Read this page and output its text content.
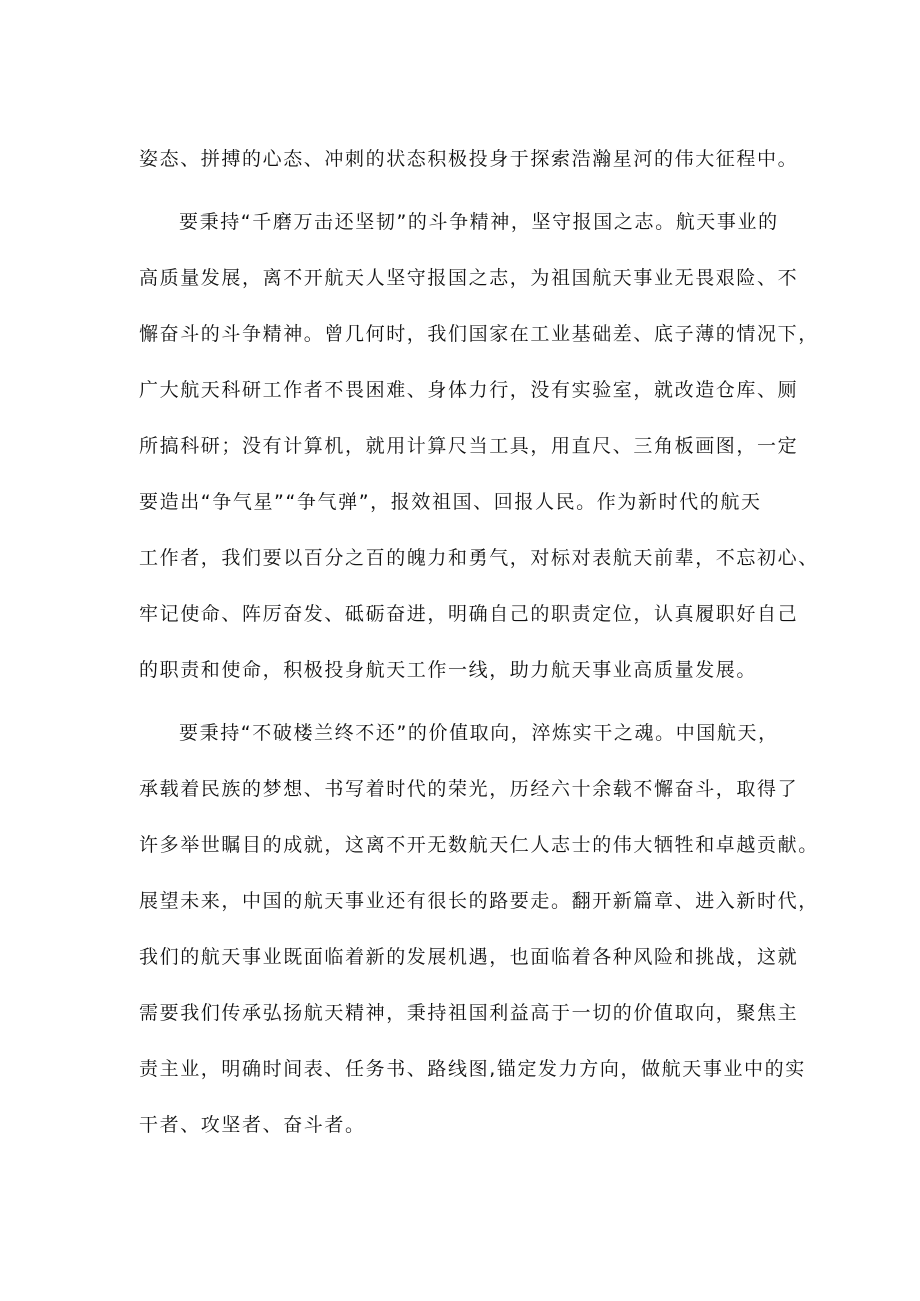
姿态、拼搏的心态、冲刺的状态积极投身于探索浩瀚星河的伟大征程中。
要秉持“千磨万击还坚韧”的斗争精神，坚守报国之志。航天事业的
高质量发展，离不开航天人坚守报国之志，为祖国航天事业无畏艰险、不
懈奋斗的斗争精神。曾几何时，我们国家在工业基础差、底子薄的情况下，
广大航天科研工作者不畏困难、身体力行，没有实验室，就改造仓库、厕
所搞科研；没有计算机，就用计算尺当工具，用直尺、三角板画图，一定
要造出“争气星”“争气弹”，报效祖国、回报人民。作为新时代的航天
工作者，我们要以百分之百的魄力和勇气，对标对表航天前辈，不忘初心、
牢记使命、阵厉奋发、砥砺奋进，明确自己的职责定位，认真履职好自己
的职责和使命，积极投身航天工作一线，助力航天事业高质量发展。
要秉持“不破楼兰终不还”的价值取向，淬炼实干之魂。中国航天，
承载着民族的梦想、书写着时代的荣光，历经六十余载不懈奋斗，取得了
许多举世瞩目的成就，这离不开无数航天仁人志士的伟大牺牲和卓越贡献。
展望未来，中国的航天事业还有很长的路要走。翻开新篇章、进入新时代，
我们的航天事业既面临着新的发展机遇，也面临着各种风险和挑战，这就
需要我们传承弘扬航天精神，秉持祖国利益高于一切的价值取向，聚焦主
责主业，明确时间表、任务书、路线图,锚定发力方向，做航天事业中的实
干者、攻坚者、奋斗者。
